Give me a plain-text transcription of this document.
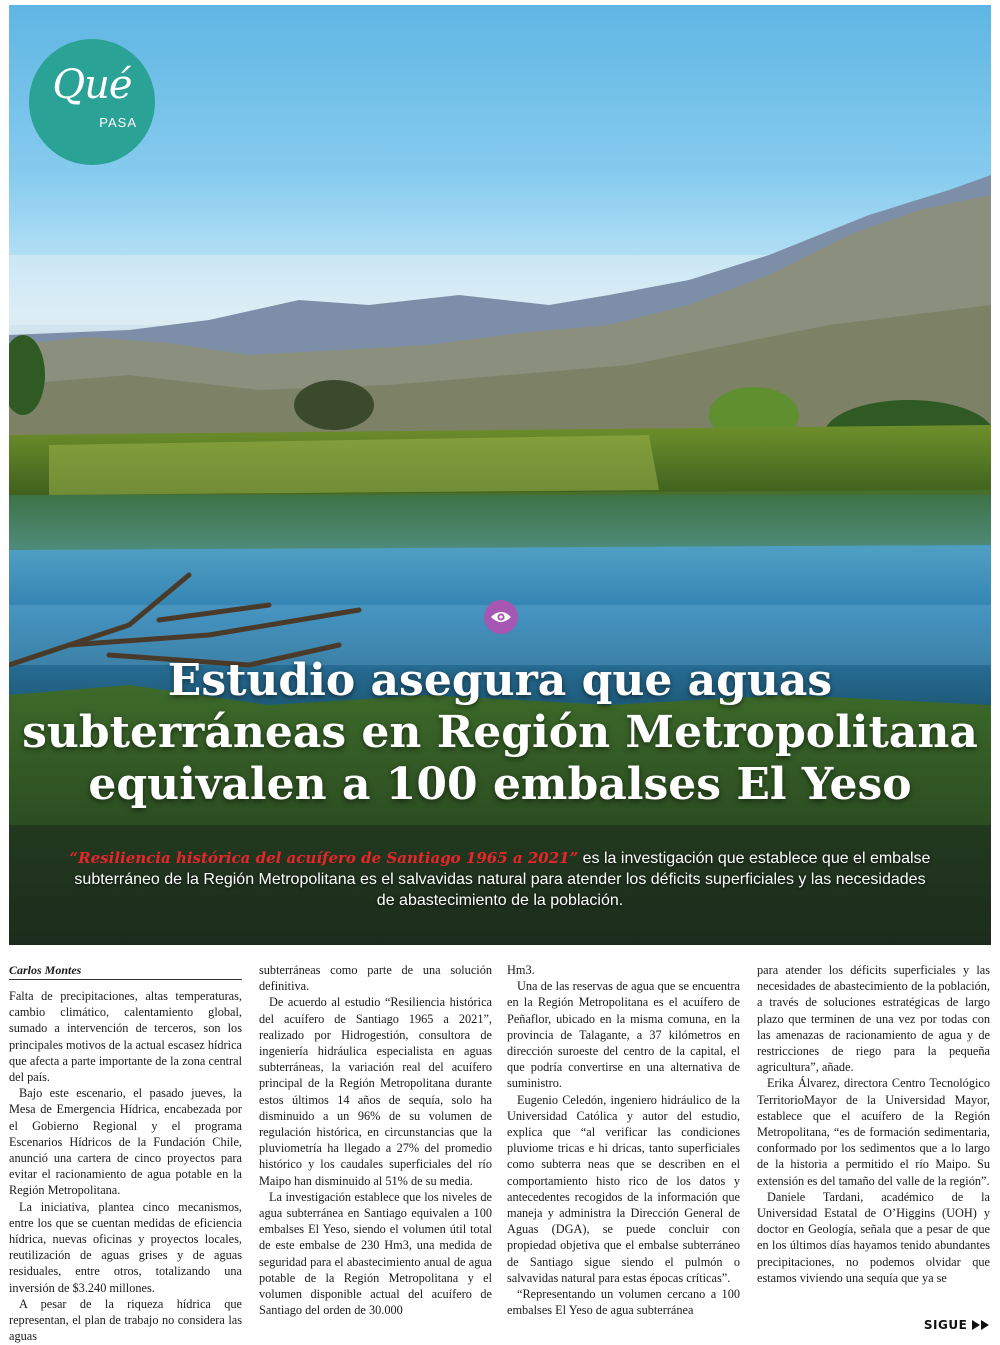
Qué
PASA
Estudio asegura que aguas
subterráneas en Región Metropolitana
equivalen a 100 embalses El Yeso
“Resiliencia histórica del acuífero de Santiago 1965 a 2021” es la investigación que establece que el embalse
subterráneo de la Región Metropolitana es el salvavidas natural para atender los déficits superficiales y las necesidades
de abastecimiento de la población.
Carlos Montes

Falta de precipitaciones, altas temperaturas, cambio climático, calentamiento global, sumado a intervención de terceros, son los principales motivos de la actual escasez hídrica que afecta a parte importante de la zona central del país.

Bajo este escenario, el pasado jueves, la Mesa de Emergencia Hídrica, encabezada por el Gobierno Regional y el programa Escenarios Hídricos de la Fundación Chile, anunció una cartera de cinco proyectos para evitar el racionamiento de agua potable en la Región Metropolitana.

La iniciativa, plantea cinco mecanismos, entre los que se cuentan medidas de eficiencia hídrica, nuevas oficinas y proyectos locales, reutilización de aguas grises y de aguas residuales, entre otros, totalizando una inversión de $3.240 millones.

A pesar de la riqueza hídrica que representan, el plan de trabajo no considera las aguas

subterráneas como parte de una solución definitiva.

De acuerdo al estudio “Resiliencia histórica del acuífero de Santiago 1965 a 2021”, realizado por Hidrogestión, consultora de ingeniería hidráulica especialista en aguas subterráneas, la variación real del acuífero principal de la Región Metropolitana durante estos últimos 14 años de sequía, solo ha disminuido a un 96% de su volumen de regulación histórica, en circunstancias que la pluviometría ha llegado a 27% del promedio histórico y los caudales superficiales del río Maipo han disminuido al 51% de su media.

La investigación establece que los niveles de agua subterránea en Santiago equivalen a 100 embalses El Yeso, siendo el volumen útil total de este embalse de 230 Hm3, una medida de seguridad para el abastecimiento anual de agua potable de la Región Metropolitana y el volumen disponible actual del acuífero de Santiago del orden de 30.000

Hm3.

Una de las reservas de agua que se encuentra en la Región Metropolitana es el acuífero de Peñaflor, ubicado en la misma comuna, en la provincia de Talagante, a 37 kilómetros en dirección suroeste del centro de la capital, el que podría convertirse en una alternativa de suministro.

Eugenio Celedón, ingeniero hidráulico de la Universidad Católica y autor del estudio, explica que “al verificar las condiciones pluviome tricas e hi dricas, tanto superficiales como subterra neas que se describen en el comportamiento histo rico de los datos y antecedentes recogidos de la información que maneja y administra la Dirección General de Aguas (DGA), se puede concluir con propiedad objetiva que el embalse subterráneo de Santiago sigue siendo el pulmón o salvavidas natural para estas épocas críticas”.

“Representando un volumen cercano a 100 embalses El Yeso de agua subterránea

para atender los déficits superficiales y las necesidades de abastecimiento de la población, a través de soluciones estratégicas de largo plazo que terminen de una vez por todas con las amenazas de racionamiento de agua y de restricciones de riego para la pequeña agricultura”, añade.

Erika Álvarez, directora Centro Tecnológico TerritorioMayor de la Universidad Mayor, establece que el acuífero de la Región Metropolitana, “es de formación sedimentaria, conformado por los sedimentos que a lo largo de la historia a permitido el río Maipo. Su extensión es del tamaño del valle de la región”.

Daniele Tardani, académico de la Universidad Estatal de O’Higgins (UOH) y doctor en Geología, señala que a pesar de que en los últimos días hayamos tenido abundantes precipitaciones, no podemos olvidar que estamos viviendo una sequía que ya se

SIGUE
